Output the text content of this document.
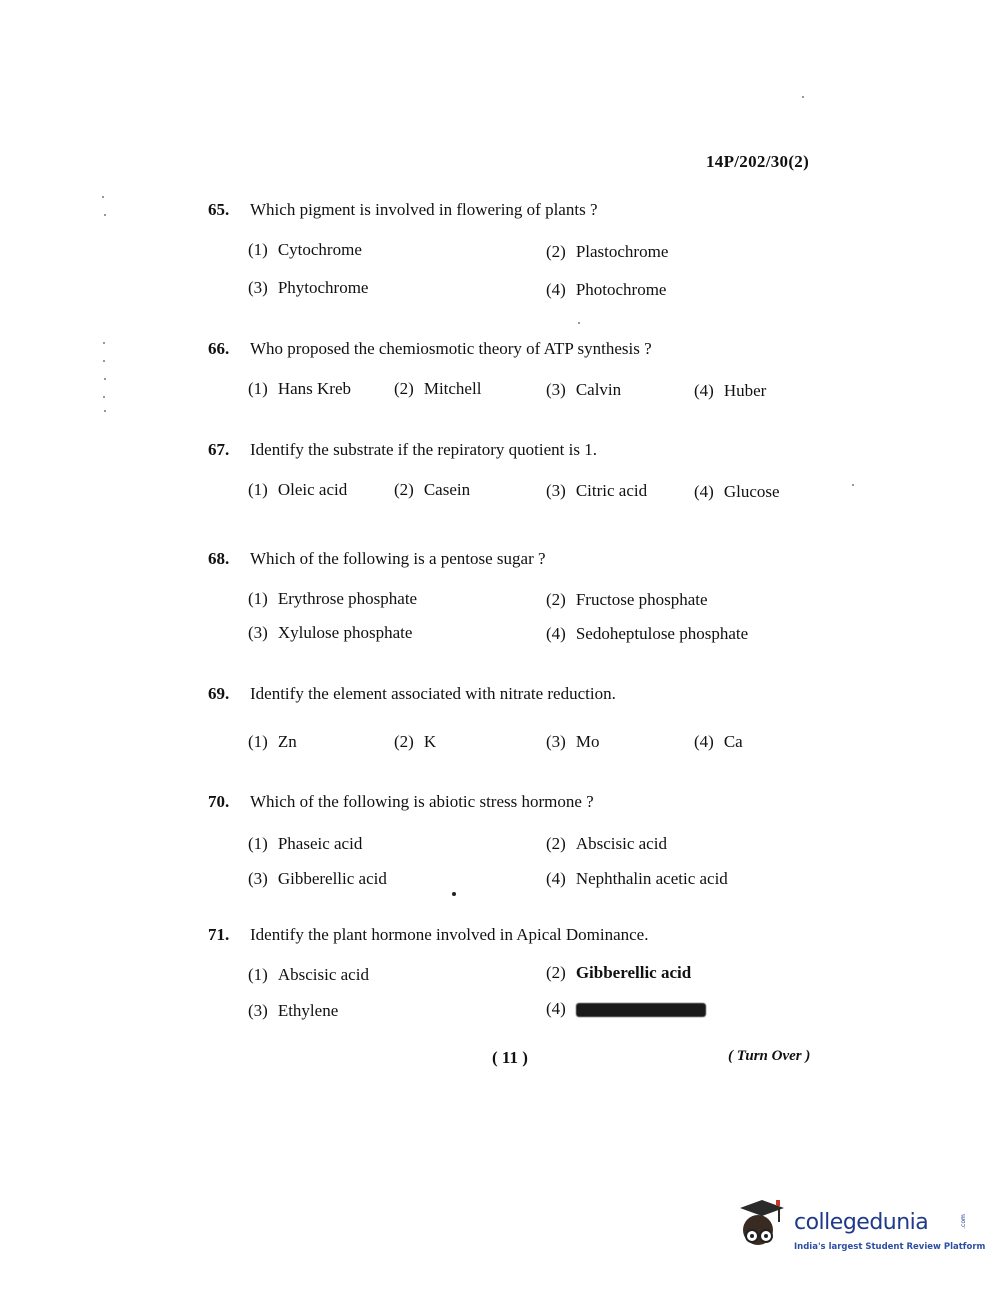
14P/202/30(2)
65. Which pigment is involved in flowering of plants ?
(1) Cytochrome	(2) Plastochrome
(3) Phytochrome	(4) Photochrome
66. Who proposed the chemiosmotic theory of ATP synthesis ?
(1) Hans Kreb	(2) Mitchell	(3) Calvin	(4) Huber
67. Identify the substrate if the repiratory quotient is 1.
(1) Oleic acid	(2) Casein	(3) Citric acid	(4) Glucose
68. Which of the following is a pentose sugar ?
(1) Erythrose phosphate	(2) Fructose phosphate
(3) Xylulose phosphate	(4) Sedoheptulose phosphate
69. Identify the element associated with nitrate reduction.
(1) Zn	(2) K	(3) Mo	(4) Ca
70. Which of the following is abiotic stress hormone ?
(1) Phaseic acid	(2) Abscisic acid
(3) Gibberellic acid	(4) Nephthalin acetic acid
71. Identify the plant hormone involved in Apical Dominance.
(1) Abscisic acid	(2) Gibberellic acid
(3) Ethylene	(4)
( 11 )	( Turn Over )
collegedunia	.com
India's largest Student Review Platform
